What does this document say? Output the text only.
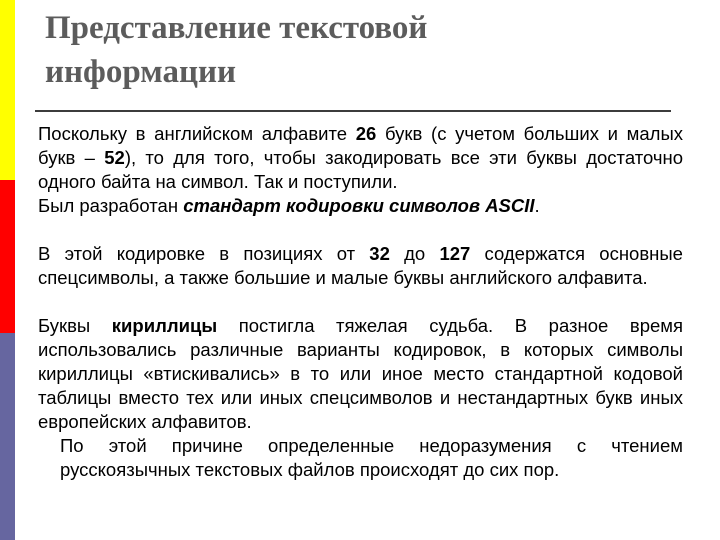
Представление текстовой
информации

Поскольку в английском алфавите 26 букв (с учетом больших и малых букв – 52), то для того, чтобы закодировать все эти буквы достаточно одного байта на символ. Так и поступили.

Был разработан стандарт кодировки символов ASCII.

В этой кодировке в позициях от 32 до 127 содержатся основные спецсимволы, а также большие и малые буквы английского алфавита.

Буквы кириллицы постигла тяжелая судьба. В разное время использовались различные варианты кодировок, в которых символы кириллицы «втискивались» в то или иное место стандартной кодовой таблицы вместо тех или иных спецсимволов и нестандартных букв иных европейских алфавитов.

По этой причине определенные недоразумения с чтением русскоязычных текстовых файлов происходят до сих пор.
